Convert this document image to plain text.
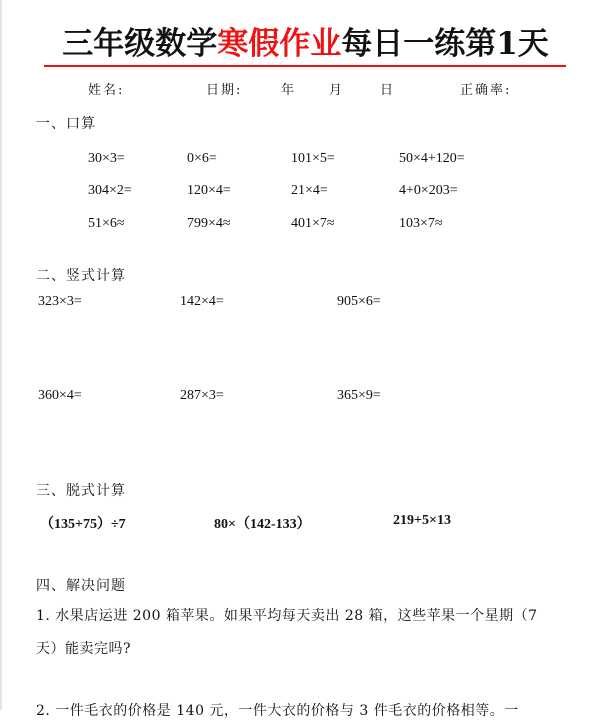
三年级数学寒假作业每日一练第1天
姓名:	日期:	年	月	日	正确率:
一、口算
30×3=	0×6=	101×5=	50×4+120=
304×2=	120×4=	21×4=	4+0×203=
51×6≈	799×4≈	401×7≈	103×7≈
二、竖式计算
323×3=	142×4=	905×6=
360×4=	287×3=	365×9=
三、脱式计算
（135+75）÷7	80×（142-133）	219+5×13
四、解决问题
1. 水果店运进 200 箱苹果。如果平均每天卖出 28 箱，这些苹果一个星期（7
天）能卖完吗?
2. 一件毛衣的价格是 140 元，一件大衣的价格与 3 件毛衣的价格相等。一
